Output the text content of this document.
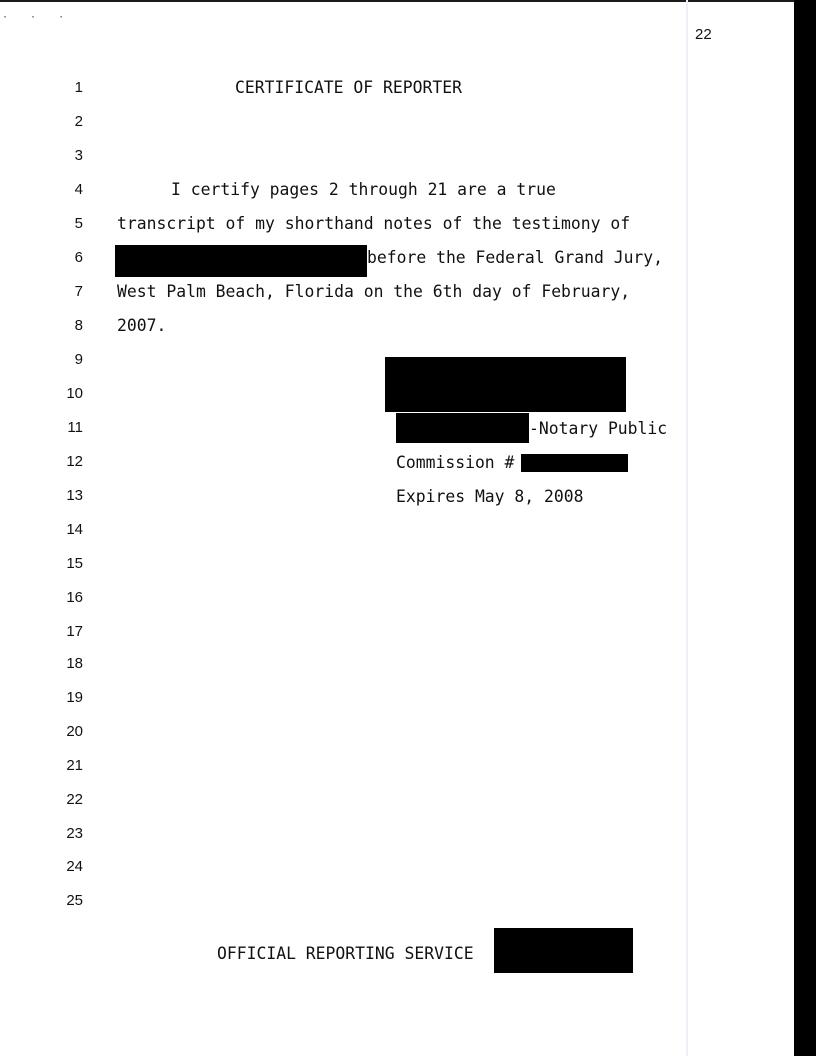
· · ·
22
1
2
3
4
5
6
7
8
9
10
11
12
13
14
15
16
17
18
19
20
21
22
23
24
25
CERTIFICATE OF REPORTER
I certify pages 2 through 21 are a true
transcript of my shorthand notes of the testimony of
before the Federal Grand Jury,
West Palm Beach, Florida on the 6th day of February,
2007.
-Notary Public
Commission #
Expires May 8, 2008
OFFICIAL REPORTING SERVICE
